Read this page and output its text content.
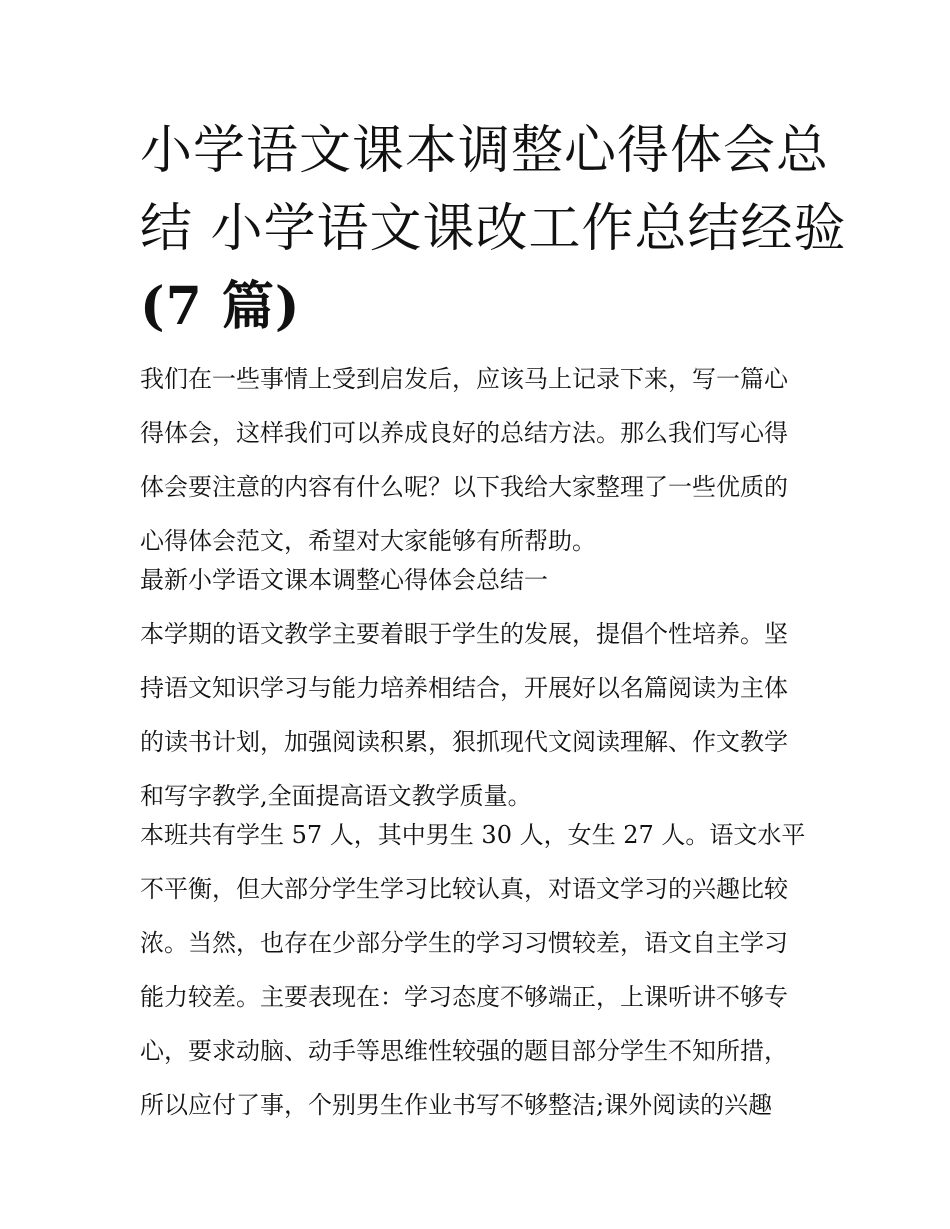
小学语文课本调整心得体会总
结 小学语文课改工作总结经验
(7 篇)
我们在一些事情上受到启发后，应该马上记录下来，写一篇心
得体会，这样我们可以养成良好的总结方法。那么我们写心得
体会要注意的内容有什么呢？以下我给大家整理了一些优质的
心得体会范文，希望对大家能够有所帮助。
最新小学语文课本调整心得体会总结一
本学期的语文教学主要着眼于学生的发展，提倡个性培养。坚
持语文知识学习与能力培养相结合，开展好以名篇阅读为主体
的读书计划，加强阅读积累，狠抓现代文阅读理解、作文教学
和写字教学,全面提高语文教学质量。
本班共有学生 57 人，其中男生 30 人，女生 27 人。语文水平
不平衡，但大部分学生学习比较认真，对语文学习的兴趣比较
浓。当然，也存在少部分学生的学习习惯较差，语文自主学习
能力较差。主要表现在：学习态度不够端正，上课听讲不够专
心，要求动脑、动手等思维性较强的题目部分学生不知所措，
所以应付了事，个别男生作业书写不够整洁;课外阅读的兴趣
